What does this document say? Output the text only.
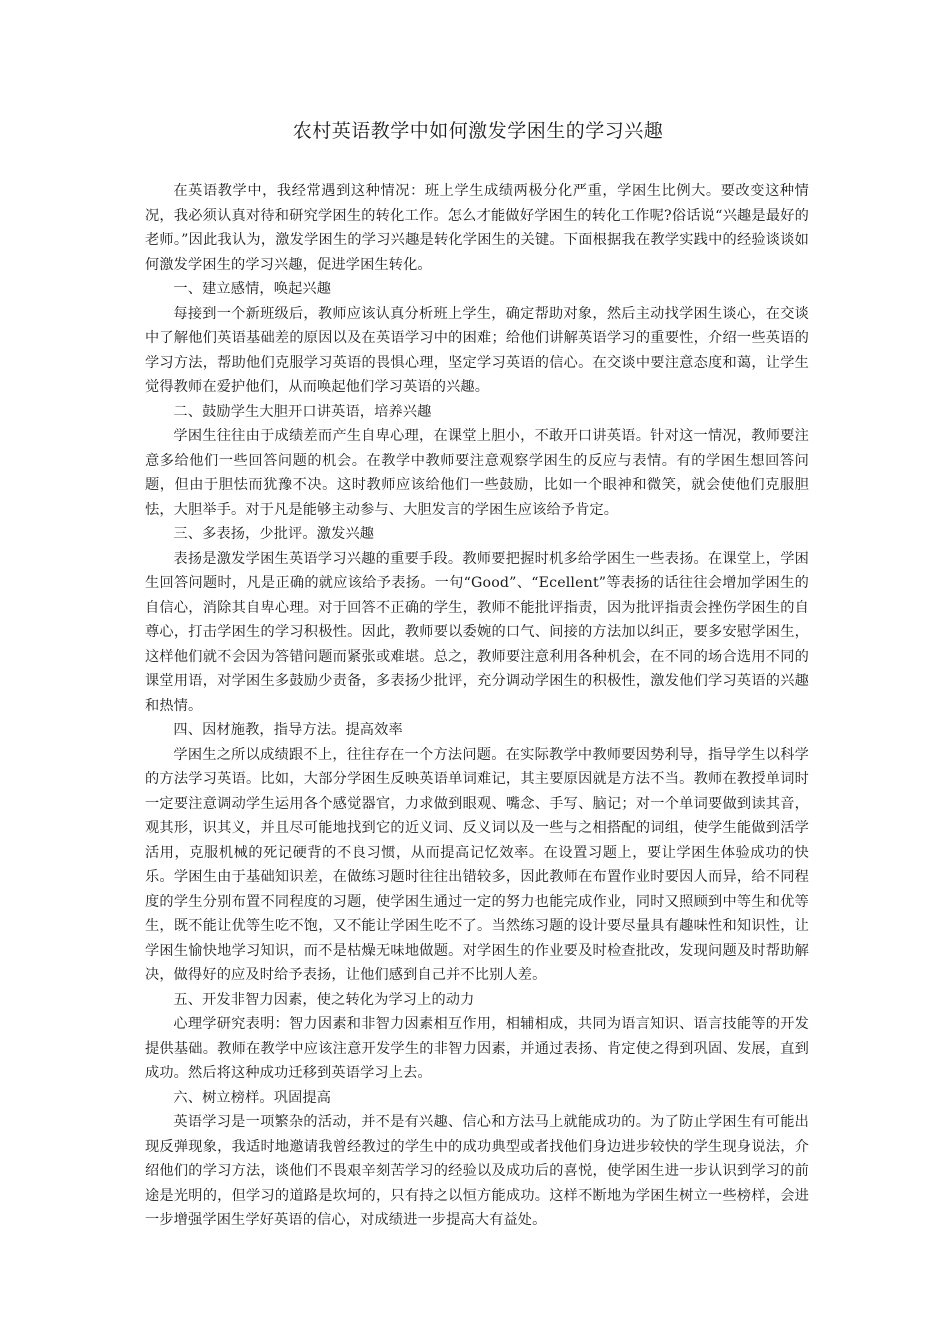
农村英语教学中如何激发学困生的学习兴趣

在英语教学中，我经常遇到这种情况：班上学生成绩两极分化严重，学困生比例大。要改变这种情况，我必须认真对待和研究学困生的转化工作。怎么才能做好学困生的转化工作呢?俗话说“兴趣是最好的老师。”因此我认为，激发学困生的学习兴趣是转化学困生的关键。下面根据我在教学实践中的经验谈谈如何激发学困生的学习兴趣，促进学困生转化。

一、建立感情，唤起兴趣

每接到一个新班级后，教师应该认真分析班上学生，确定帮助对象，然后主动找学困生谈心，在交谈中了解他们英语基础差的原因以及在英语学习中的困难；给他们讲解英语学习的重要性，介绍一些英语的学习方法，帮助他们克服学习英语的畏惧心理，坚定学习英语的信心。在交谈中要注意态度和蔼，让学生觉得教师在爱护他们，从而唤起他们学习英语的兴趣。

二、鼓励学生大胆开口讲英语，培养兴趣

学困生往往由于成绩差而产生自卑心理，在课堂上胆小，不敢开口讲英语。针对这一情况，教师要注意多给他们一些回答问题的机会。在教学中教师要注意观察学困生的反应与表情。有的学困生想回答问题，但由于胆怯而犹豫不决。这时教师应该给他们一些鼓励，比如一个眼神和微笑，就会使他们克服胆怯，大胆举手。对于凡是能够主动参与、大胆发言的学困生应该给予肯定。

三、多表扬，少批评。激发兴趣

表扬是激发学困生英语学习兴趣的重要手段。教师要把握时机多给学困生一些表扬。在课堂上，学困生回答问题时，凡是正确的就应该给予表扬。一句“Good”、“Ecellent”等表扬的话往往会增加学困生的自信心，消除其自卑心理。对于回答不正确的学生，教师不能批评指责，因为批评指责会挫伤学困生的自尊心，打击学困生的学习积极性。因此，教师要以委婉的口气、间接的方法加以纠正，要多安慰学困生，这样他们就不会因为答错问题而紧张或难堪。总之，教师要注意利用各种机会，在不同的场合选用不同的课堂用语，对学困生多鼓励少责备，多表扬少批评，充分调动学困生的积极性，激发他们学习英语的兴趣和热情。

四、因材施教，指导方法。提高效率

学困生之所以成绩跟不上，往往存在一个方法问题。在实际教学中教师要因势利导，指导学生以科学的方法学习英语。比如，大部分学困生反映英语单词难记，其主要原因就是方法不当。教师在教授单词时一定要注意调动学生运用各个感觉器官，力求做到眼观、嘴念、手写、脑记；对一个单词要做到读其音，观其形，识其义，并且尽可能地找到它的近义词、反义词以及一些与之相搭配的词组，使学生能做到活学活用，克服机械的死记硬背的不良习惯，从而提高记忆效率。在设置习题上，要让学困生体验成功的快乐。学困生由于基础知识差，在做练习题时往往出错较多，因此教师在布置作业时要因人而异，给不同程度的学生分别布置不同程度的习题，使学困生通过一定的努力也能完成作业，同时又照顾到中等生和优等生，既不能让优等生吃不饱，又不能让学困生吃不了。当然练习题的设计要尽量具有趣味性和知识性，让学困生愉快地学习知识，而不是枯燥无味地做题。对学困生的作业要及时检查批改，发现问题及时帮助解决，做得好的应及时给予表扬，让他们感到自己并不比别人差。

五、开发非智力因素，使之转化为学习上的动力

心理学研究表明：智力因素和非智力因素相互作用，相辅相成，共同为语言知识、语言技能等的开发提供基础。教师在教学中应该注意开发学生的非智力因素，并通过表扬、肯定使之得到巩固、发展，直到成功。然后将这种成功迁移到英语学习上去。

六、树立榜样。巩固提高

英语学习是一项繁杂的活动，并不是有兴趣、信心和方法马上就能成功的。为了防止学困生有可能出现反弹现象，我适时地邀请我曾经教过的学生中的成功典型或者找他们身边进步较快的学生现身说法，介绍他们的学习方法，谈他们不畏艰辛刻苦学习的经验以及成功后的喜悦，使学困生进一步认识到学习的前途是光明的，但学习的道路是坎坷的，只有持之以恒方能成功。这样不断地为学困生树立一些榜样，会进一步增强学困生学好英语的信心，对成绩进一步提高大有益处。
